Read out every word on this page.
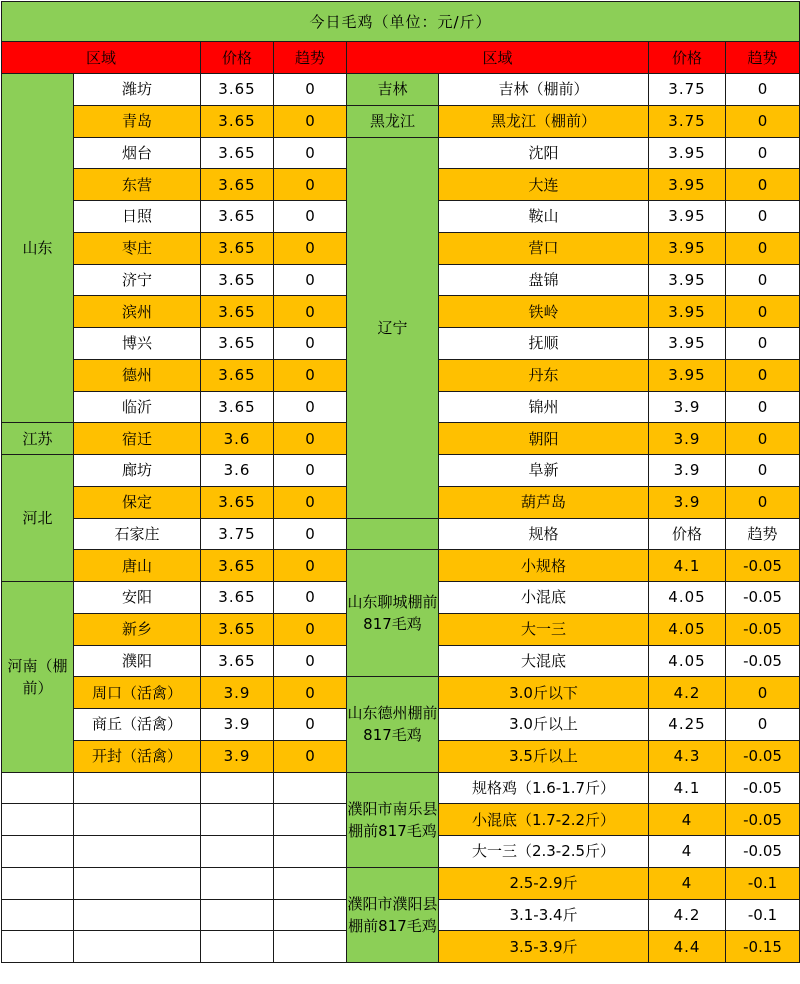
今日毛鸡（单位：元/斤）							
区域		价格	趋势	区域		价格	趋势
山东	潍坊	3.65	0	吉林	吉林（棚前）	3.75	0
	青岛	3.65	0	黑龙江	黑龙江（棚前）	3.75	0
	烟台	3.65	0	辽宁	沈阳	3.95	0
	东营	3.65	0		大连	3.95	0
	日照	3.65	0		鞍山	3.95	0
	枣庄	3.65	0		营口	3.95	0
	济宁	3.65	0		盘锦	3.95	0
	滨州	3.65	0		铁岭	3.95	0
	博兴	3.65	0		抚顺	3.95	0
	德州	3.65	0		丹东	3.95	0
	临沂	3.65	0		锦州	3.9	0
江苏	宿迁	3.6	0		朝阳	3.9	0
河北	廊坊	3.6	0		阜新	3.9	0
	保定	3.65	0		葫芦岛	3.9	0
	石家庄	3.75	0		规格	价格	趋势
	唐山	3.65	0	山东聊城棚前817毛鸡	小规格	4.1	-0.05
河南（棚前）	安阳	3.65	0		小混底	4.05	-0.05
	新乡	3.65	0		大一三	4.05	-0.05
	濮阳	3.65	0		大混底	4.05	-0.05
	周口（活禽）	3.9	0	山东德州棚前817毛鸡	3.0斤以下	4.2	0
	商丘（活禽）	3.9	0		3.0斤以上	4.25	0
	开封（活禽）	3.9	0		3.5斤以上	4.3	-0.05
				濮阳市南乐县棚前817毛鸡	规格鸡（1.6-1.7斤）	4.1	-0.05
					小混底（1.7-2.2斤）	4	-0.05
					大一三（2.3-2.5斤）	4	-0.05
				濮阳市濮阳县棚前817毛鸡	2.5-2.9斤	4	-0.1
					3.1-3.4斤	4.2	-0.1
					3.5-3.9斤	4.4	-0.15
